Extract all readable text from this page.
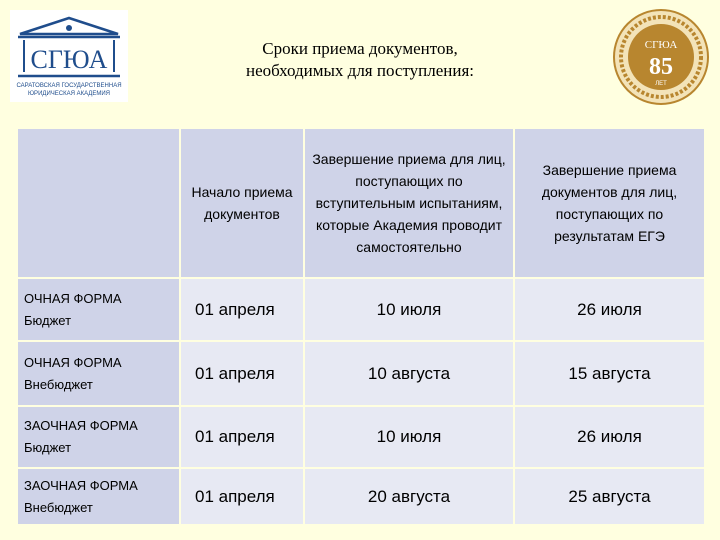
СГЮА
САРАТОВСКАЯ ГОСУДАРСТВЕННАЯ
ЮРИДИЧЕСКАЯ АКАДЕМИЯ
СГЮА
85
ЛЕТ
Сроки приема документов,
необходимых для поступления:
	Начало приема документов	Завершение приема для лиц, поступающих по вступительным испытаниям, которые Академия проводит самостоятельно	Завершение приема документов для лиц, поступающих по результатам ЕГЭ

ОЧНАЯ ФОРМА
Бюджет	01 апреля	10 июля	26 июля

ОЧНАЯ ФОРМА
Внебюджет	01 апреля	10 августа	15 августа

ЗАОЧНАЯ ФОРМА
Бюджет	01 апреля	10 июля	26 июля

ЗАОЧНАЯ ФОРМА
Внебюджет	01 апреля	20 августа	25 августа
